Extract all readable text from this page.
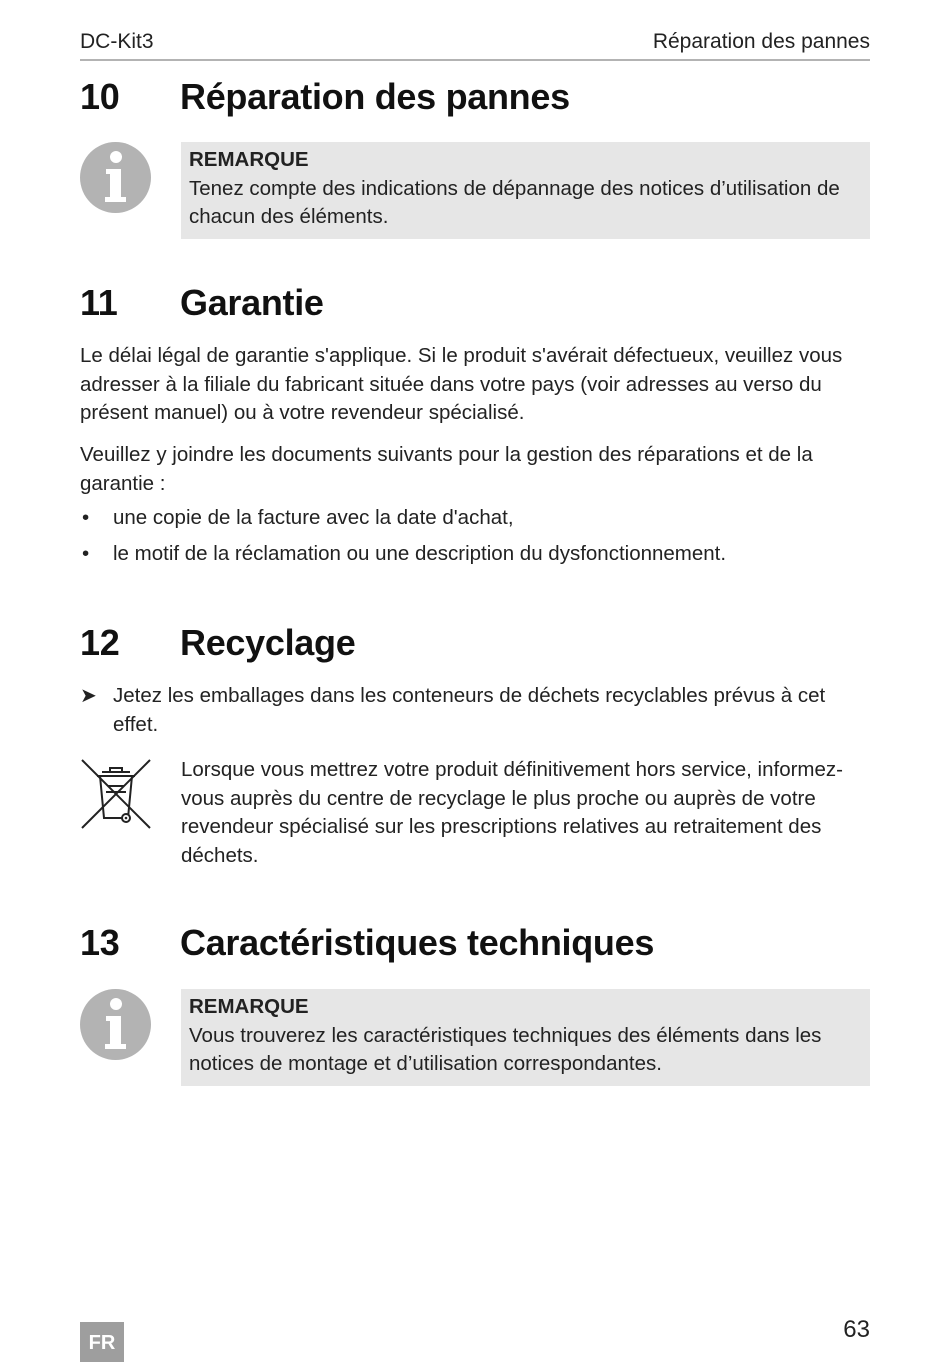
DC-Kit3	Réparation des pannes
10 Réparation des pannes
REMARQUE
Tenez compte des indications de dépannage des notices d’utilisation de chacun des éléments.
11 Garantie
Le délai légal de garantie s'applique. Si le produit s'avérait défectueux, veuillez vous adresser à la filiale du fabricant située dans votre pays (voir adresses au verso du présent manuel) ou à votre revendeur spécialisé.
Veuillez y joindre les documents suivants pour la gestion des réparations et de la garantie :
• une copie de la facture avec la date d'achat,
• le motif de la réclamation ou une description du dysfonctionnement.
12 Recyclage
➤ Jetez les emballages dans les conteneurs de déchets recyclables prévus à cet effet.
Lorsque vous mettrez votre produit définitivement hors service, informez-vous auprès du centre de recyclage le plus proche ou auprès de votre revendeur spécialisé sur les prescriptions relatives au retraitement des déchets.
13 Caractéristiques techniques
REMARQUE
Vous trouverez les caractéristiques techniques des éléments dans les notices de montage et d’utilisation correspondantes.
FR	63
